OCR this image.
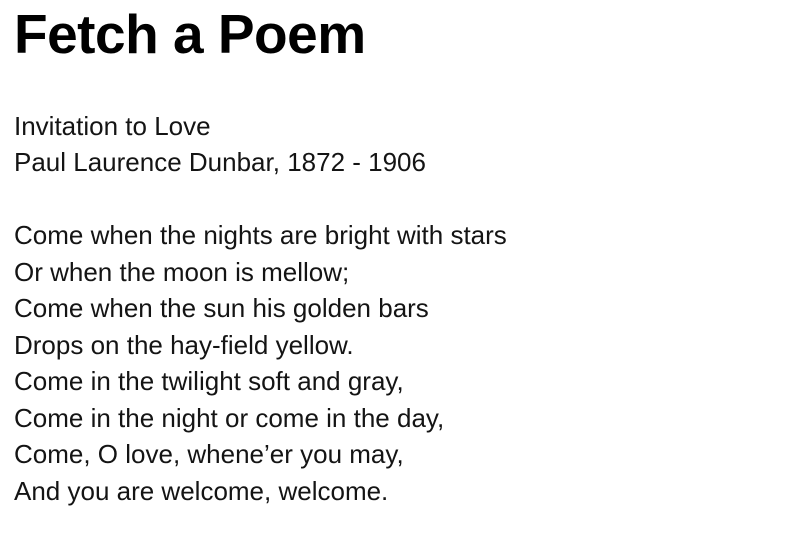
Fetch a Poem
Invitation to Love
Paul Laurence Dunbar, 1872 - 1906
Come when the nights are bright with stars
Or when the moon is mellow;
Come when the sun his golden bars
Drops on the hay-field yellow.
Come in the twilight soft and gray,
Come in the night or come in the day,
Come, O love, whene’er you may,
And you are welcome, welcome.
